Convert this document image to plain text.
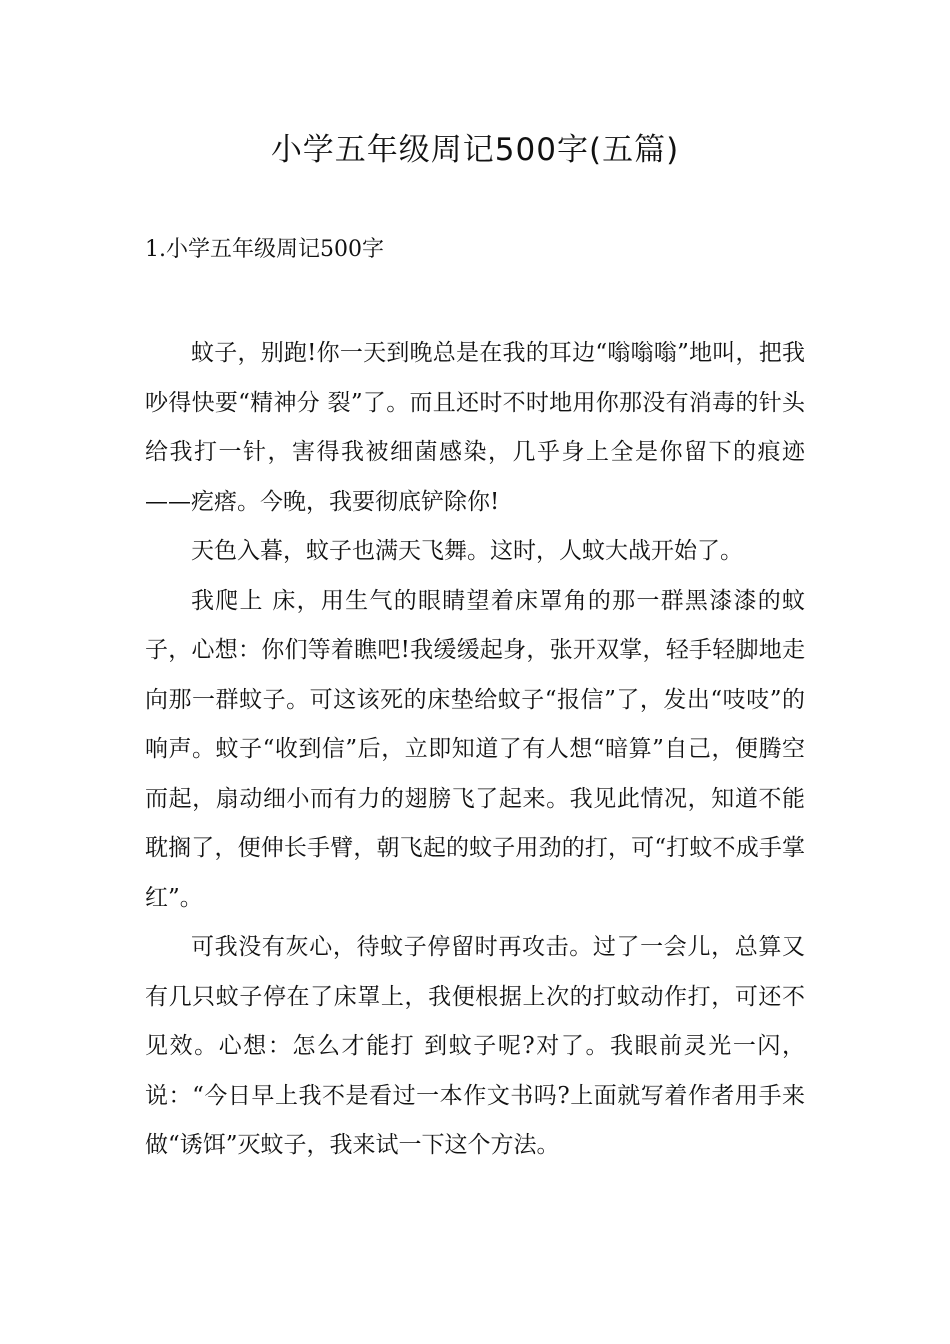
小学五年级周记500字(五篇)
1.小学五年级周记500字

蚊子，别跑!你一天到晚总是在我的耳边“嗡嗡嗡”地叫，把我吵得快要“精神分 裂”了。而且还时不时地用你那没有消毒的针头给我打一针，害得我被细菌感染，几乎身上全是你留下的痕迹——疙瘩。今晚，我要彻底铲除你!

天色入暮，蚊子也满天飞舞。这时，人蚊大战开始了。

我爬上 床，用生气的眼睛望着床罩角的那一群黑漆漆的蚊子，心想：你们等着瞧吧!我缓缓起身，张开双掌，轻手轻脚地走向那一群蚊子。可这该死的床垫给蚊子“报信”了，发出“吱吱”的响声。蚊子“收到信”后，立即知道了有人想“暗算”自己，便腾空而起，扇动细小而有力的翅膀飞了起来。我见此情况，知道不能耽搁了，便伸长手臂，朝飞起的蚊子用劲的打，可“打蚊不成手掌红”。

可我没有灰心，待蚊子停留时再攻击。过了一会儿，总算又有几只蚊子停在了床罩上，我便根据上次的打蚊动作打，可还不见效。心想：怎么才能打 到蚊子呢?对了。我眼前灵光一闪，说：“今日早上我不是看过一本作文书吗?上面就写着作者用手来做“诱饵”灭蚊子，我来试一下这个方法。
